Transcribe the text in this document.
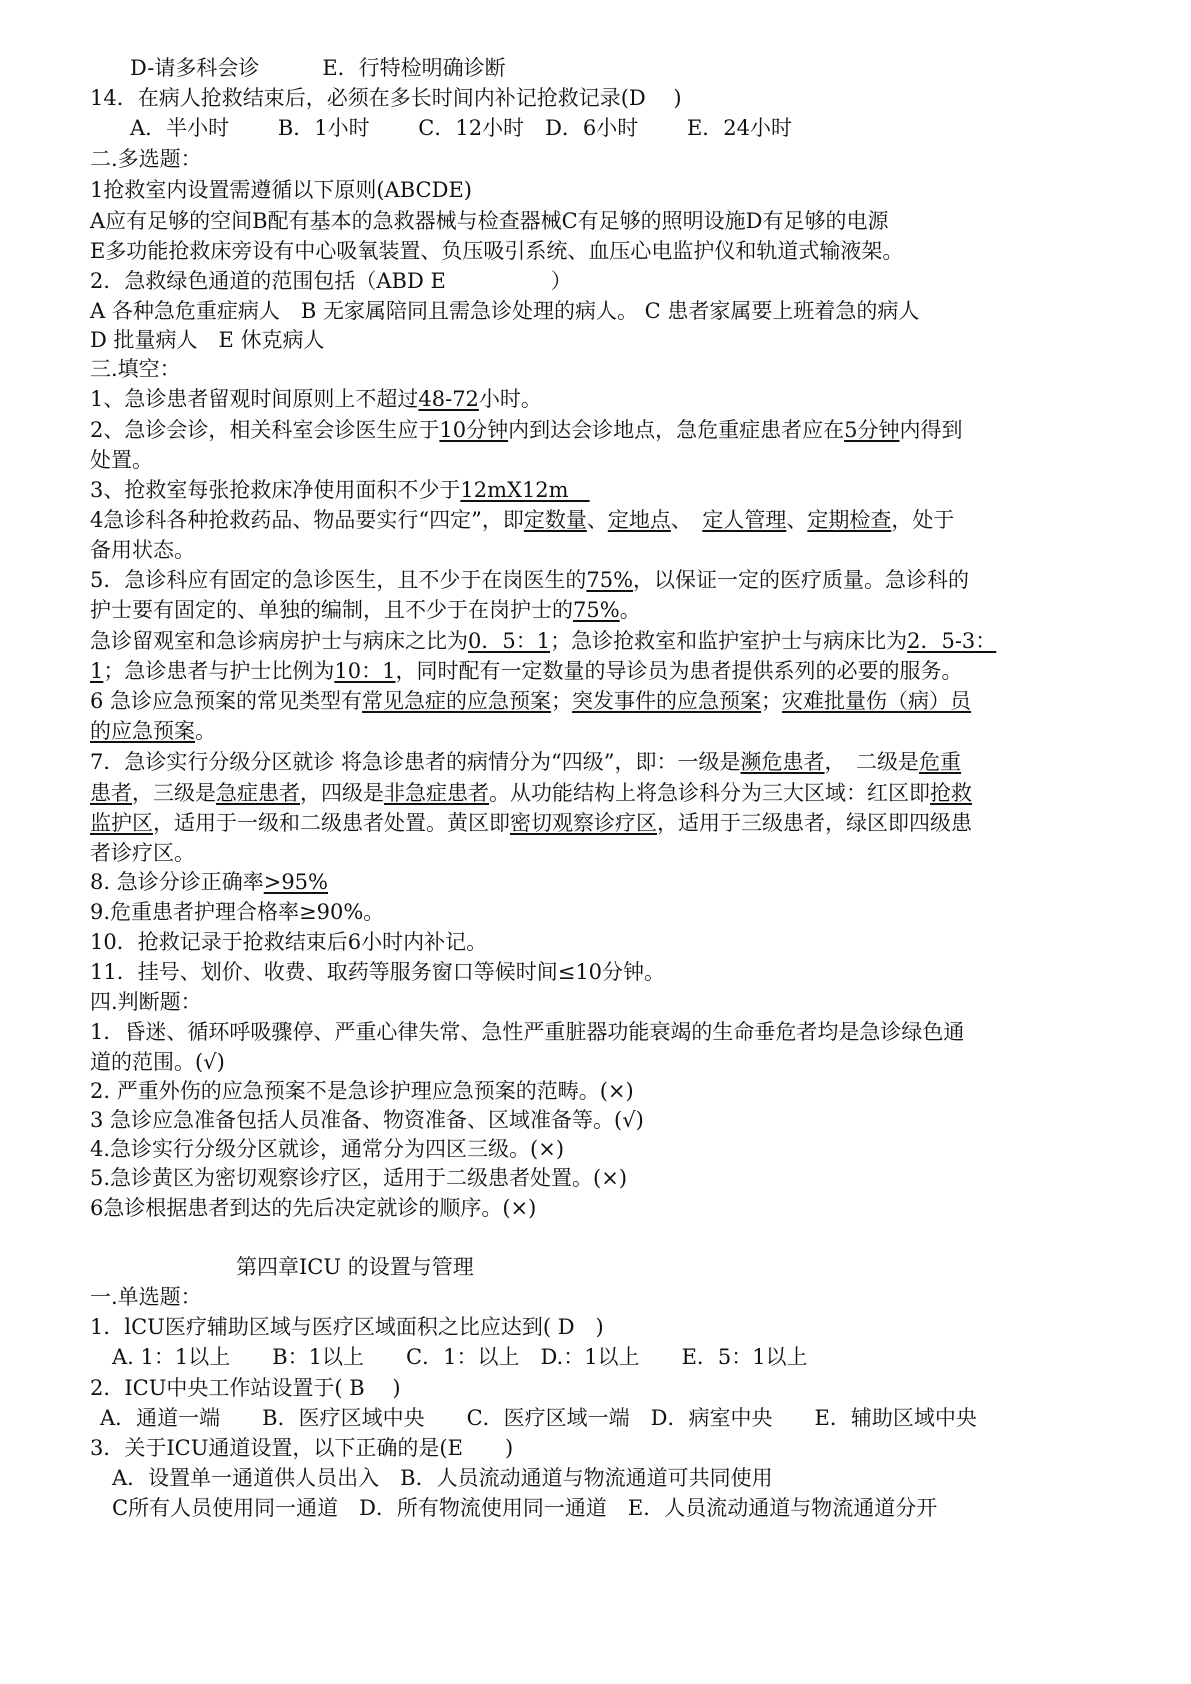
D-请多科会诊　　　E．行特检明确诊断
14．在病人抢救结束后，必须在多长时间内补记抢救记录(D　 )
A．半小时　　 B．1小时　　 C．12小时　D．6小时　　 E．24小时
二.多选题：
1抢救室内设置需遵循以下原则(ABCDE)
A应有足够的空间B配有基本的急救器械与检查器械C有足够的照明设施D有足够的电源
E多功能抢救床旁设有中心吸氧装置、负压吸引系统、血压心电监护仪和轨道式输液架。
2．急救绿色通道的范围包括（ABD E　　　　　）
A 各种急危重症病人　B 无家属陪同且需急诊处理的病人。 C 患者家属要上班着急的病人
D 批量病人　E 休克病人
三.填空：
1、急诊患者留观时间原则上不超过48-72小时。
2、急诊会诊，相关科室会诊医生应于10分钟内到达会诊地点，急危重症患者应在5分钟内得到
处置。
3、抢救室每张抢救床净使用面积不少于12mX12m　
4急诊科各种抢救药品、物品要实行“四定”，即定数量、定地点、　定人管理、定期检查，处于
备用状态。
5．急诊科应有固定的急诊医生，且不少于在岗医生的75%，以保证一定的医疗质量。急诊科的
护士要有固定的、单独的编制，且不少于在岗护士的75%。
急诊留观室和急诊病房护士与病床之比为0．5：1；急诊抢救室和监护室护士与病床比为2．5-3：
1；急诊患者与护士比例为10：1，同时配有一定数量的导诊员为患者提供系列的必要的服务。
6 急诊应急预案的常见类型有常见急症的应急预案；突发事件的应急预案；灾难批量伤（病）员
的应急预案。
7．急诊实行分级分区就诊 将急诊患者的病情分为“四级”，即：一级是濒危患者，　二级是危重
患者，三级是急症患者，四级是非急症患者。从功能结构上将急诊科分为三大区域：红区即抢救
监护区，适用于一级和二级患者处置。黄区即密切观察诊疗区，适用于三级患者，绿区即四级患
者诊疗区。
8. 急诊分诊正确率>95%
9.危重患者护理合格率≥90%。
10．抢救记录于抢救结束后6小时内补记。
11．挂号、划价、收费、取药等服务窗口等候时间≤10分钟。
四.判断题：
1．昏迷、循环呼吸骤停、严重心律失常、急性严重脏器功能衰竭的生命垂危者均是急诊绿色通
道的范围。(√)
2. 严重外伤的应急预案不是急诊护理应急预案的范畴。(×)
3 急诊应急准备包括人员准备、物资准备、区域准备等。(√)
4.急诊实行分级分区就诊，通常分为四区三级。(×)
5.急诊黄区为密切观察诊疗区，适用于二级患者处置。(×)
6急诊根据患者到达的先后决定就诊的顺序。(×)
第四章ICU 的设置与管理
一.单选题：
1．lCU医疗辅助区域与医疗区域面积之比应达到( D　)
A. 1：1以上　　B：1以上　　C．1：以上　D.：1以上　　E．5：1以上
2．ICU中央工作站设置于( B　 )
A．通道一端　　B．医疗区域中央　　C．医疗区域一端　D．病室中央　　E．辅助区域中央
3．关于ICU通道设置，以下正确的是(E　　)
A．设置单一通道供人员出入　B．人员流动通道与物流通道可共同使用
C所有人员使用同一通道　D．所有物流使用同一通道　E．人员流动通道与物流通道分开
